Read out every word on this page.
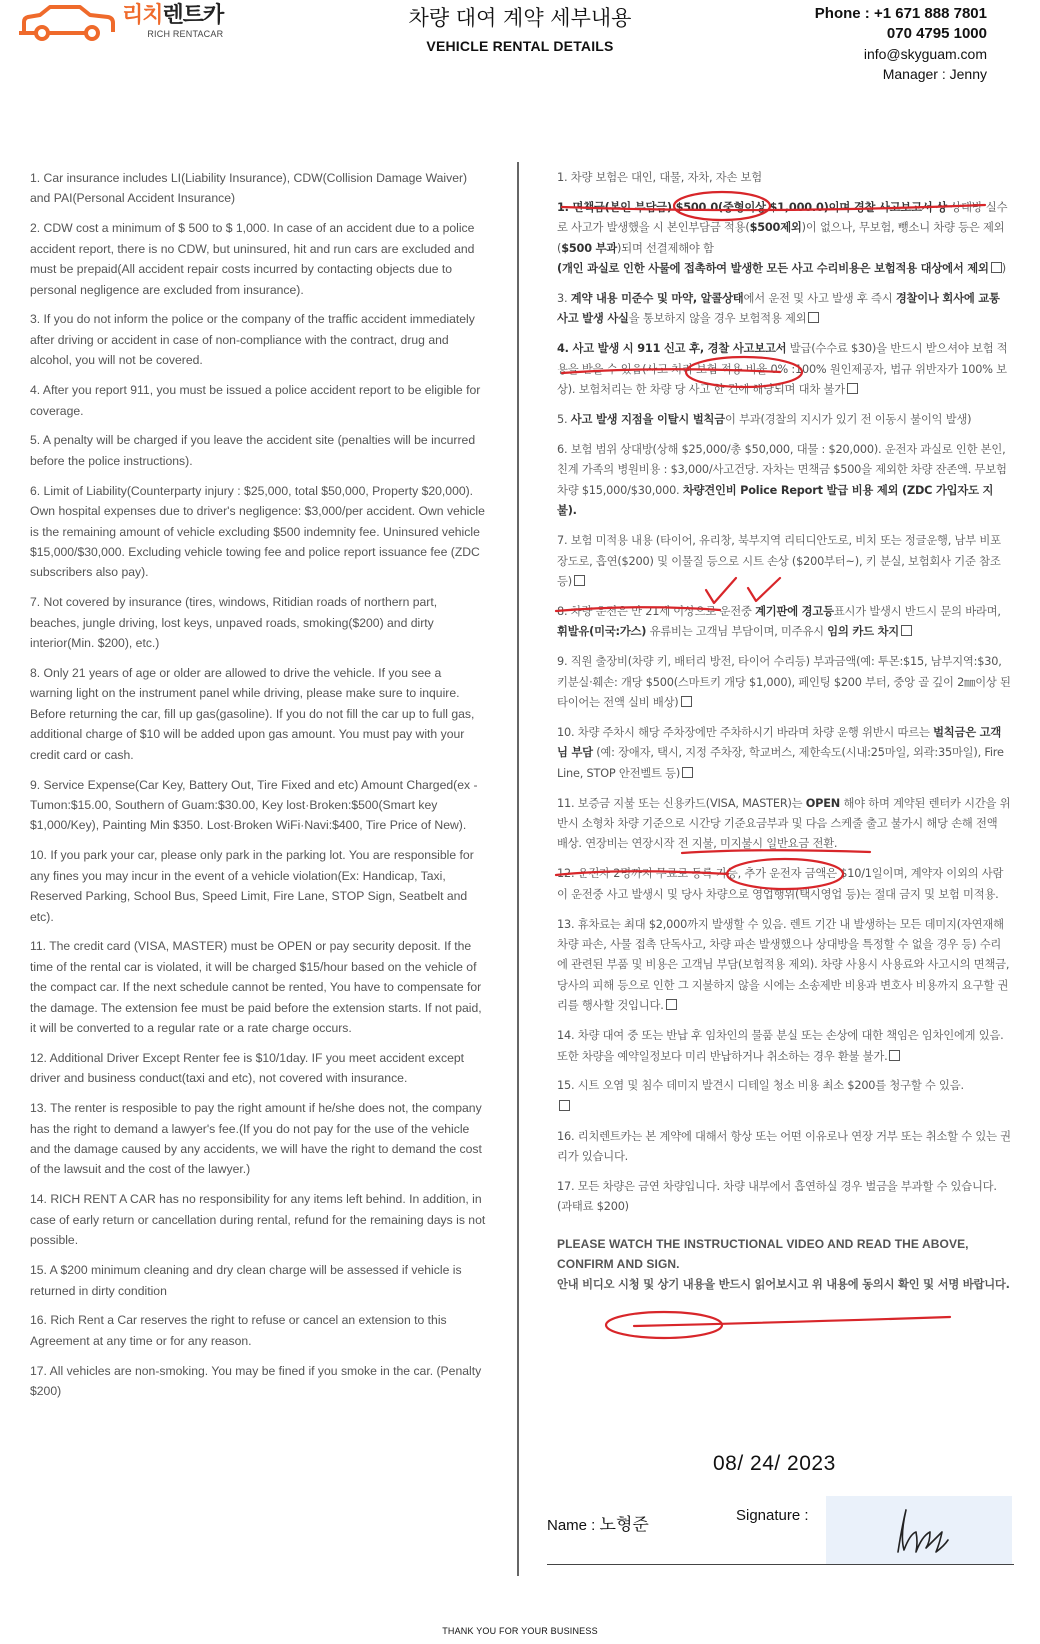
리치렌트카
RICH RENTACAR
차량 대여 계약 세부내용
VEHICLE RENTAL DETAILS
Phone : +1 671 888 7801
070 4795 1000
info@skyguam.com
Manager : Jenny

1. Car insurance includes LI(Liability Insurance), CDW(Collision Damage Waiver) and PAI(Personal Accident Insurance)

2. CDW cost a minimum of $ 500 to $ 1,000. In case of an accident due to a police accident report, there is no CDW, but uninsured, hit and run cars are excluded and must be prepaid(All accident repair costs incurred by contacting objects due to personal negligence are excluded from insurance).

3. If you do not inform the police or the company of the traffic accident immediately after driving or accident in case of non-compliance with the contract, drug and alcohol, you will not be covered.

4. After you report 911, you must be issued a police accident report to be eligible for coverage.

5. A penalty will be charged if you leave the accident site (penalties will be incurred before the police instructions).

6. Limit of Liability(Counterparty injury : $25,000, total $50,000, Property $20,000). Own hospital expenses due to driver's negligence: $3,000/per accident. Own vehicle is the remaining amount of vehicle excluding $500 indemnity fee. Uninsured vehicle $15,000/$30,000. Excluding vehicle towing fee and police report issuance fee (ZDC subscribers also pay).

7. Not covered by insurance (tires, windows, Ritidian roads of northern part, beaches, jungle driving, lost keys, unpaved roads, smoking($200) and dirty interior(Min. $200), etc.)

8. Only 21 years of age or older are allowed to drive the vehicle. If you see a warning light on the instrument panel while driving, please make sure to inquire. Before returning the car, fill up gas(gasoline). If you do not fill the car up to full gas, additional charge of $10 will be added upon gas amount. You must pay with your credit card or cash.

9. Service Expense(Car Key, Battery Out, Tire Fixed and etc) Amount Charged(ex - Tumon:$15.00, Southern of Guam:$30.00, Key lost·Broken:$500(Smart key $1,000/Key), Painting Min $350. Lost·Broken WiFi·Navi:$400, Tire Price of New).

10. If you park your car, please only park in the parking lot. You are responsible for any fines you may incur in the event of a vehicle violation(Ex: Handicap, Taxi, Reserved Parking, School Bus, Speed Limit, Fire Lane, STOP Sign, Seatbelt and etc).

11. The credit card (VISA, MASTER) must be OPEN or pay security deposit. If the time of the rental car is violated, it will be charged $15/hour based on the vehicle of the compact car. If the next schedule cannot be rented, You have to compensate for the damage. The extension fee must be paid before the extension starts. If not paid, it will be converted to a regular rate or a rate charge occurs.

12. Additional Driver Except Renter fee is $10/1day. IF you meet accident except driver and business conduct(taxi and etc), not covered with insurance.

13. The renter is resposible to pay the right amount if he/she does not, the company has the right to demand a lawyer's fee.(If you do not pay for the use of the vehicle and the damage caused by any accidents, we will have the right to demand the cost of the lawsuit and the cost of the lawyer.)

14. RICH RENT A CAR has no responsibility for any items left behind. In addition, in case of early return or cancellation during rental, refund for the remaining days is not possible.

15. A $200 minimum cleaning and dry clean charge will be assessed if vehicle is returned in dirty condition

16. Rich Rent a Car reserves the right to refuse or cancel an extension to this Agreement at any time or for any reason.

17. All vehicles are non-smoking. You may be fined if you smoke in the car. (Penalty $200)

1. 차량 보험은 대인, 대물, 자차, 자손 보험

1. 면책금(본인 부담금) $500.0(중형이상 $1,000.0)이며 경찰 사고보고서 상 상대방 실수로 사고가 발생했을 시 본인부담금 적용($500제외)이 없으나, 무보험, 뺑소니 차량 등은 제외($500 부과)되며 선결제해야 함
(개인 과실로 인한 사물에 접촉하여 발생한 모든 사고 수리비용은 보험적용 대상에서 제외 )

3. 계약 내용 미준수 및 마약, 알콜상태에서 운전 및 사고 발생 후 즉시 경찰이나 회사에 교통 사고 발생 사실을 통보하지 않을 경우 보험적용 제외

4. 사고 발생 시 911 신고 후, 경찰 사고보고서 발급(수수료 $30)을 반드시 받으셔야 보험 적용을 받을 수 있음(사고 처리 보험 적용 비율 0% :100% 원인제공자, 법규 위반자가 100% 보상). 보험처리는 한 차량 당 사고 한 건에 해당되며 대차 불가

5. 사고 발생 지점을 이탈시 벌칙금이 부과(경찰의 지시가 있기 전 이동시 불이익 발생)

6. 보험 범위 상대방(상해 $25,000/총 $50,000, 대물 : $20,000). 운전자 과실로 인한 본인, 친계 가족의 병원비용 : $3,000/사고건당. 자차는 면책금 $500을 제외한 차량 잔존액. 무보험 차량 $15,000/$30,000. 차량견인비 Police Report 발급 비용 제외 (ZDC 가입자도 지불).

7. 보험 미적용 내용 (타이어, 유리창, 북부지역 리티디안도로, 비치 또는 정글운행, 남부 비포장도로, 흡연($200) 및 이물질 등으로 시트 손상 ($200부터~), 키 분실, 보험회사 기준 참조 등)

8. 차량 운전은 만 21세 이상으로 운전중 계기판에 경고등표시가 발생시 반드시 문의 바라며, 휘발유(미국:가스) 유류비는 고객님 부담이며, 미주유시 임의 카드 차지

9. 직원 출장비(차량 키, 배터리 방전, 타이어 수리등) 부과금액(예: 투몬:$15, 남부지역:$30, 키분실·훼손: 개당 $500(스마트키 개당 $1,000), 페인팅 $200 부터, 중앙 골 깊이 2㎜이상 된 타이어는 전액 실비 배상)

10. 차량 주차시 해당 주차장에만 주차하시기 바라며 차량 운행 위반시 따르는 벌칙금은 고객님 부담 (예: 장애자, 택시, 지정 주차장, 학교버스, 제한속도(시내:25마일, 외곽:35마일), Fire Line, STOP 안전벨트 등)

11. 보증금 지불 또는 신용카드(VISA, MASTER)는 OPEN 해야 하며 계약된 렌터카 시간을 위반시 소형차 차량 기준으로 시간당 기준요금부과 및 다음 스케줄 출고 불가시 해당 손해 전액 배상. 연장비는 연장시작 전 지불, 미지불시 일반요금 전환.

12. 운전자 2명까지 무료로 등록 가능, 추가 운전자 금액은 $10/1일이며, 계약자 이외의 사람이 운전중 사고 발생시 및 당사 차량으로 영업행위(택시영업 등)는 절대 금지 및 보험 미적용.

13. 휴차료는 최대 $2,000까지 발생할 수 있음. 렌트 기간 내 발생하는 모든 데미지(자연재해 차량 파손, 사물 접촉 단독사고, 차량 파손 발생했으나 상대방을 특정할 수 없을 경우 등) 수리에 관련된 부품 및 비용은 고객님 부담(보험적용 제외). 차량 사용시 사용료와 사고시의 면책금, 당사의 피해 등으로 인한 그 지불하지 않을 시에는 소송제반 비용과 변호사 비용까지 요구할 권리를 행사할 것입니다.

14. 차량 대여 중 또는 반납 후 임차인의 물품 분실 또는 손상에 대한 책임은 임차인에게 있음. 또한 차량을 예약일정보다 미리 반납하거나 취소하는 경우 환불 불가.

15. 시트 오염 및 침수 데미지 발견시 디테일 청소 비용 최소 $200를 청구할 수 있음.

16. 리치렌트카는 본 계약에 대해서 항상 또는 어떤 이유로나 연장 거부 또는 취소할 수 있는 권리가 있습니다.

17. 모든 차량은 금연 차량입니다. 차량 내부에서 흡연하실 경우 벌금을 부과할 수 있습니다. (과태료 $200)

PLEASE WATCH THE INSTRUCTIONAL VIDEO AND READ THE ABOVE, CONFIRM AND SIGN.

안내 비디오 시청 및 상기 내용을 반드시 읽어보시고 위 내용에 동의시 확인 및 서명 바랍니다.

08/ 24/ 2023
Name : 노형준	Signature :
THANK YOU FOR YOUR BUSINESS
